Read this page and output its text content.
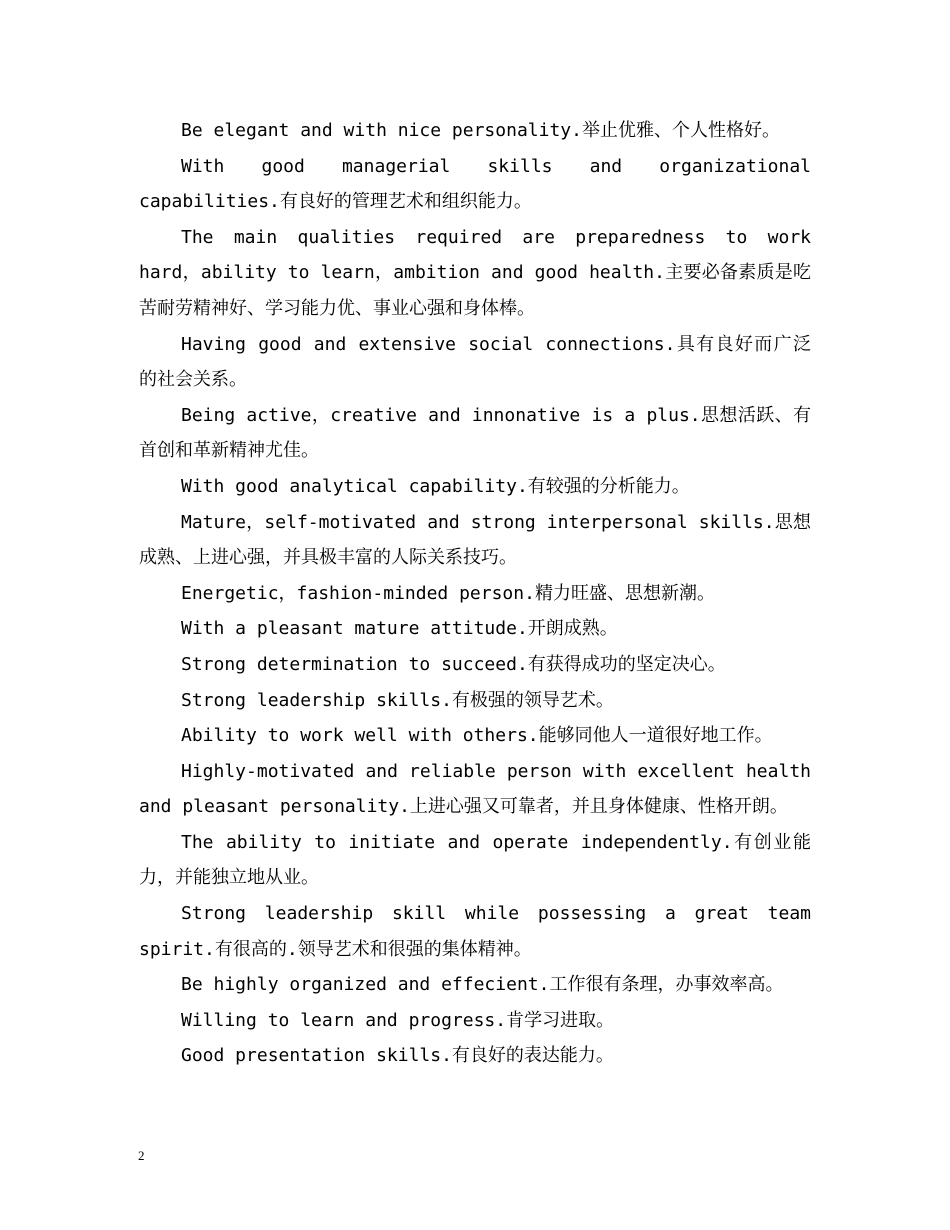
Be elegant and with nice personality.举止优雅、个人性格好。

With good managerial skills and organizational capabilities.有良好的管理艺术和组织能力。

The main qualities required are preparedness to work hard，ability to learn，ambition and good health.主要必备素质是吃苦耐劳精神好、学习能力优、事业心强和身体棒。

Having good and extensive social connections.具有良好而广泛的社会关系。

Being active，creative and innonative is a plus.思想活跃、有首创和革新精神尤佳。

With good analytical capability.有较强的分析能力。

Mature，self-motivated and strong interpersonal skills.思想成熟、上进心强，并具极丰富的人际关系技巧。

Energetic，fashion-minded person.精力旺盛、思想新潮。

With a pleasant mature attitude.开朗成熟。

Strong determination to succeed.有获得成功的坚定决心。

Strong leadership skills.有极强的领导艺术。

Ability to work well with others.能够同他人一道很好地工作。

Highly-motivated and reliable person with excellent health and pleasant personality.上进心强又可靠者，并且身体健康、性格开朗。

The ability to initiate and operate independently.有创业能力，并能独立地从业。

Strong leadership skill while possessing a great team spirit.有很高的.领导艺术和很强的集体精神。

Be highly organized and effecient.工作很有条理，办事效率高。

Willing to learn and progress.肯学习进取。

Good presentation skills.有良好的表达能力。

2
